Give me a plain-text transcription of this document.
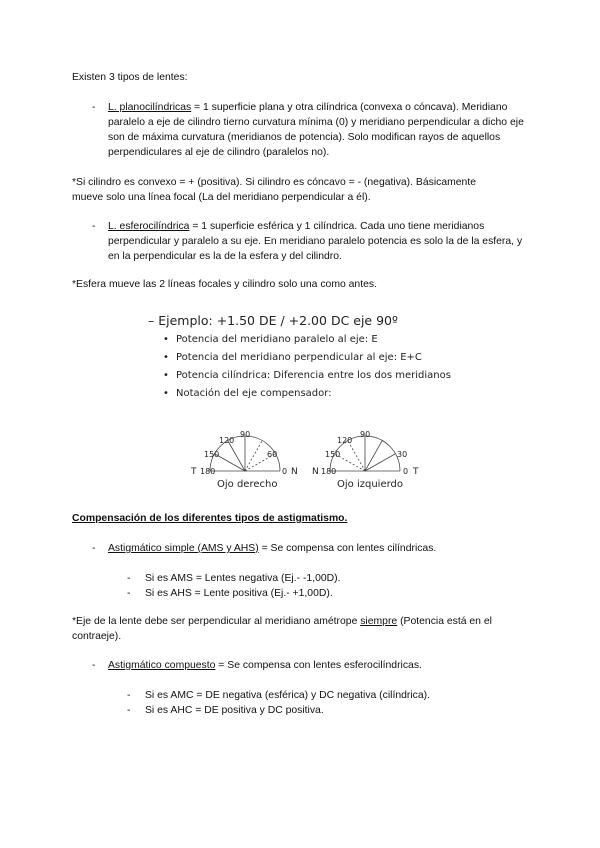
Existen 3 tipos de lentes:

- L. planocilíndricas = 1 superficie plana y otra cilíndrica (convexa o cóncava). Meridiano paralelo a eje de cilindro tierno curvatura mínima (0) y meridiano perpendicular a dicho eje son de máxima curvatura (meridianos de potencia). Solo modifican rayos de aquellos perpendiculares al eje de cilindro (paralelos no).

*Si cilindro es convexo = + (positiva). Si cilindro es cóncavo = - (negativa). Básicamente mueve solo una línea focal (La del meridiano perpendicular a él).

- L. esferocilíndrica = 1 superficie esférica y 1 cilíndrica. Cada uno tiene meridianos perpendicular y paralelo a su eje. En meridiano paralelo potencia es solo la de la esfera, y en la perpendicular es la de la esfera y del cilindro.

*Esfera mueve las 2 líneas focales y cilindro solo una como antes.

– Ejemplo: +1.50 DE / +2.00 DC eje 90º
• Potencia del meridiano paralelo al eje: E
• Potencia del meridiano perpendicular al eje: E+C
• Potencia cilíndrica: Diferencia entre los dos meridianos
• Notación del eje compensador:
T 180
150
120
90
60
0 N
Ojo derecho
N 180
150
120
90
30
0 T
Ojo izquierdo

Compensación de los diferentes tipos de astigmatismo.

- Astigmático simple (AMS y AHS) = Se compensa con lentes cilíndricas.

- Si es AMS = Lentes negativa (Ej.- -1,00D).

- Si es AHS = Lente positiva (Ej.- +1,00D).

*Eje de la lente debe ser perpendicular al meridiano amétrope siempre (Potencia está en el contraeje).

- Astigmático compuesto = Se compensa con lentes esferocilíndricas.

- Si es AMC = DE negativa (esférica) y DC negativa (cilíndrica).

- Si es AHC = DE positiva y DC positiva.
